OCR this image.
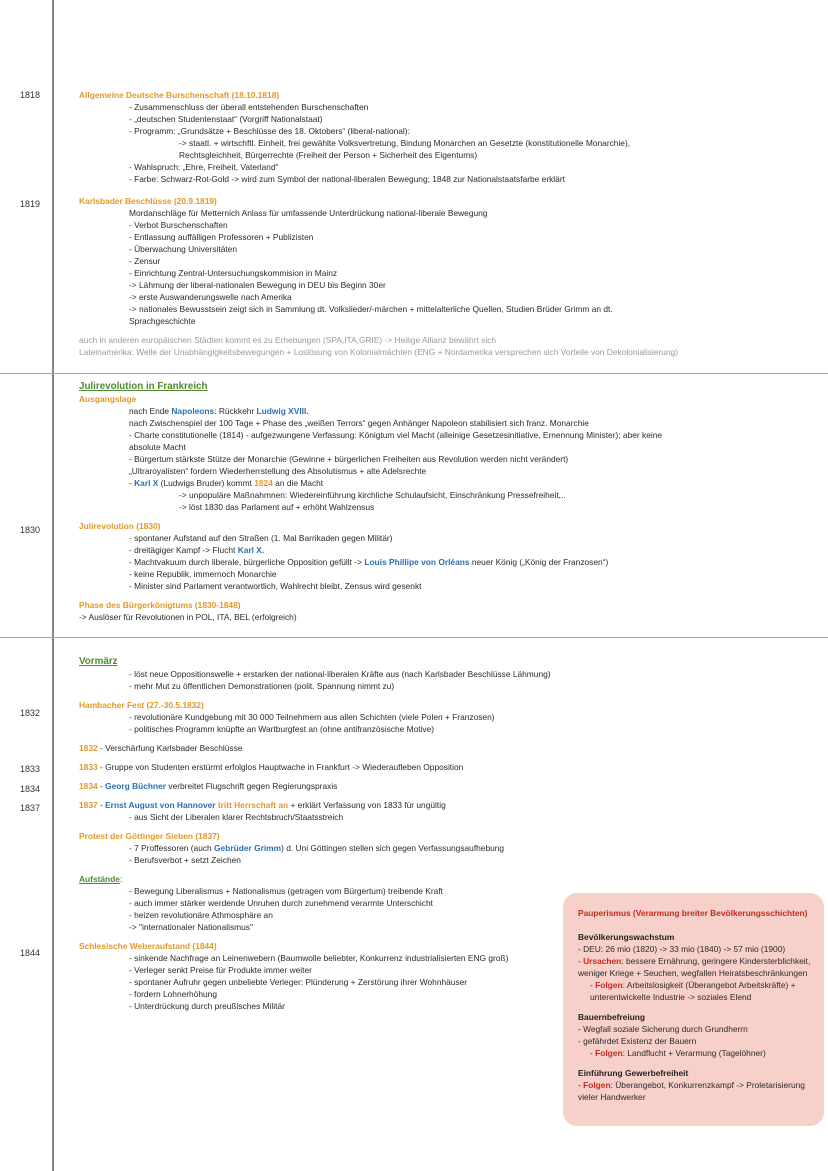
1818
1819
1830
1832
1833
1834
1837
1844
Allgemeine Deutsche Burschenschaft (18.10.1818)
- Zusammenschluss der überall entstehenden Burschenschaften
- „deutschen Studentenstaat“ (Vorgriff Nationalstaat)
- Programm: „Grundsätze + Beschlüsse des 18. Oktobers“ (liberal-national):
-> staatl. + wirtschftl. Einheit, frei gewählte Volksvertretung, Bindung Monarchen an Gesetzte (konstitutionelle Monarchie),
Rechtsgleichheit, Bürgerrechte (Freiheit der Person + Sicherheit des Eigentums)
- Wahlspruch: „Ehre, Freiheit, Vaterland“
- Farbe: Schwarz-Rot-Gold -> wird zum Symbol der national-liberalen Bewegung; 1848 zur Nationalstaatsfarbe erklärt
Karlsbader Beschlüsse (20.9.1819)
Mordanschläge für Metternich Anlass für umfassende Unterdrückung national-liberale Bewegung
- Verbot Burschenschaften
- Entlassung auffälligen Professoren + Publizisten
- Überwachung Universitäten
- Zensur
- Einrichtung Zentral-Untersuchungskommision in Mainz
-> Lähmung der liberal-nationalen Bewegung in DEU bis Beginn 30er
-> erste Auswanderungswelle nach Amerika
-> nationales Bewusstsein zeigt sich in Sammlung dt. Volkslieder/-märchen + mittelalterliche Quellen, Studien Brüder Grimm an dt.
Sprachgeschichte
auch in anderen europäischen Städten kommt es zu Erhebungen (SPA,ITA,GRIE) -> Heilige Allianz bewährt sich
Lateinamerika: Welle der Unabhängigkeitsbewegungen + Loslösung von Kolonialmächten (ENG + Nordamerika versprechen sich Vorteile von Dekolonialisierung)
Julirevolution in Frankreich
Ausgangslage
nach Ende Napoleons: Rückkehr Ludwig XVIII.
nach Zwischenspiel der 100 Tage + Phase des „weißen Terrors“ gegen Anhänger Napoleon stabilisiert sich franz. Monarchie
- Charte constitutionelle (1814) - aufgezwungene Verfassung: Königtum viel Macht (alleinige Gesetzesinitiative, Ernennung Minister); aber keine
absolute Macht
- Bürgertum stärkste Stütze der Monarchie (Gewinne + bürgerlichen Freiheiten aus Revolution werden nicht verändert)
„Ultraroyalisten“ fordern Wiederherrstellung des Absolutismus + alte Adelsrechte
- Karl X (Ludwigs Bruder) kommt 1824 an die Macht
-> unpopuläre Maßnahmnen: Wiedereinführung kirchliche Schulaufsicht, Einschränkung Pressefreiheit,..
-> löst 1830 das Parlament auf + erhöht Wahlzensus
Julirevolution (1830)
- spontaner Aufstand auf den Straßen (1. Mal Barrikaden gegen Militär)
- dreitägiger Kampf -> Flucht Karl X.
- Machtvakuum durch liberale, bürgerliche Opposition gefüllt -> Louis Phillipe von Orléans neuer König („König der Franzosen“)
- keine Republik, immernoch Monarchie
- Minister sind Parlament verantwortlich, Wahlrecht bleibt, Zensus wird gesenkt
Phase des Bürgerkönigtums (1830-1848)
-> Auslöser für Revolutionen in POL, ITA, BEL (erfolgreich)
Vormärz
- löst neue Oppositionswelle + erstarken der national-liberalen Kräfte aus (nach Karlsbader Beschlüsse Lähmung)
- mehr Mut zu öffentlichen Demonstrationen (polit. Spannung nimmt zu)
Hambacher Fest (27.-30.5.1832)
- revolutionäre Kundgebung mit 30 000 Teilnehmern aus allen Schichten (viele Polen + Franzosen)
- politisches Programm knüpfte an Wartburgfest an (ohne antifranzösische Motive)
1832 - Verschärfung Karlsbader Beschlüsse
1833 - Gruppe von Studenten erstürmt erfolglos Hauptwache in Frankfurt -> Wiederaufleben Opposition
1834 - Georg Büchner verbreitet Flugschrift gegen Regierungspraxis
1837 - Ernst August von Hannover tritt Herrschaft an + erklärt Verfassung von 1833 für ungültig
- aus Sicht der Liberalen klarer Rechtsbruch/Staatsstreich
Protest der Göttinger Sieben (1837)
- 7 Proffessoren (auch Gebrüder Grimm) d. Uni Göttingen stellen sich gegen Verfassungsaufhebung
- Berufsverbot + setzt Zeichen
Aufstände:
- Bewegung Liberalismus + Nationalismus (getragen vom Bürgertum) treibende Kraft
- auch immer stärker werdende Unruhen durch zunehmend verarmte Unterschicht
- heizen revolutionäre Athmosphäre an
-> "internationaler Nationalismus"
Schlesische Weberaufstand (1844)
- sinkende Nachfrage an Leinenwebern (Baumwolle beliebter, Konkurrenz industrialisierten ENG groß)
- Verleger senkt Preise für Produkte immer weiter
- spontaner Aufruhr gegen unbeliebte Verleger: Plünderung + Zerstörung ihrer Wohnhäuser
- fordern Lohnerhöhung
- Unterdrückung durch preußisches Militär
Pauperismus (Verarmung breiter Bevölkerungsschichten)
Bevölkerungswachstum
- DEU: 26 mio (1820) -> 33 mio (1840) -> 57 mio (1900)
- Ursachen: bessere Ernährung, geringere Kindersterblichkeit, weniger Kriege + Seuchen, wegfallen Heiratsbeschränkungen
- Folgen: Arbeitslosigkeit (Überangebot Arbeitskräfte) + unterentwickelte Industrie -> soziales Elend
Bauernbefreiung
- Wegfall soziale Sicherung durch Grundherrn
- gefährdet Existenz der Bauern
- Folgen: Landflucht + Verarmung (Tagelöhner)
Einführung Gewerbefreiheit
- Folgen: Überangebot, Konkurrenzkampf -> Proletarisierung vieler Handwerker
